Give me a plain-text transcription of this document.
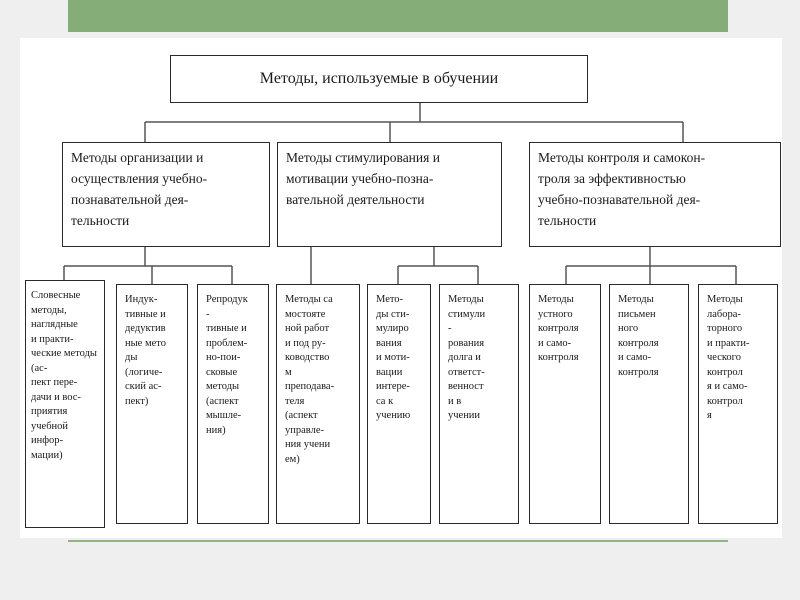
Методы, используемые в обучении
Методы организации и
осуществления учебно-
познавательной дея-
тельности
Методы стимулирования и
мотивации учебно-позна-
вательной деятельности
Методы контроля и самокон-
троля за эффективностью
учебно-познавательной дея-
тельности
Словесные
методы,
наглядные
и практи-
ческие методы
(ас-
пект пере-
дачи и вос-
приятия
учебной
инфор-
мации)
Индук-
тивные и
дедуктив
ные мето
ды
(логиче-
ский ас-
пект)
Репродук
-
тивные и
проблем-
но-пои-
сковые
методы
(аспект
мышле-
ния)
Методы са
мостояте
ной работ
и под ру-
ководство
м
преподава-
теля
(аспект
управле-
ния учени
ем)
Мето-
ды сти-
мулиро
вания
и моти-
вации
интере-
са к
учению
Методы
стимули
-
рования
долга и
ответст-
венност
и в
учении
Методы
устного
контроля
и само-
контроля
Методы
письмен
ного
контроля
и само-
контроля
Методы
лабора-
торного
и практи-
ческого
контрол
я и само-
контрол
я
